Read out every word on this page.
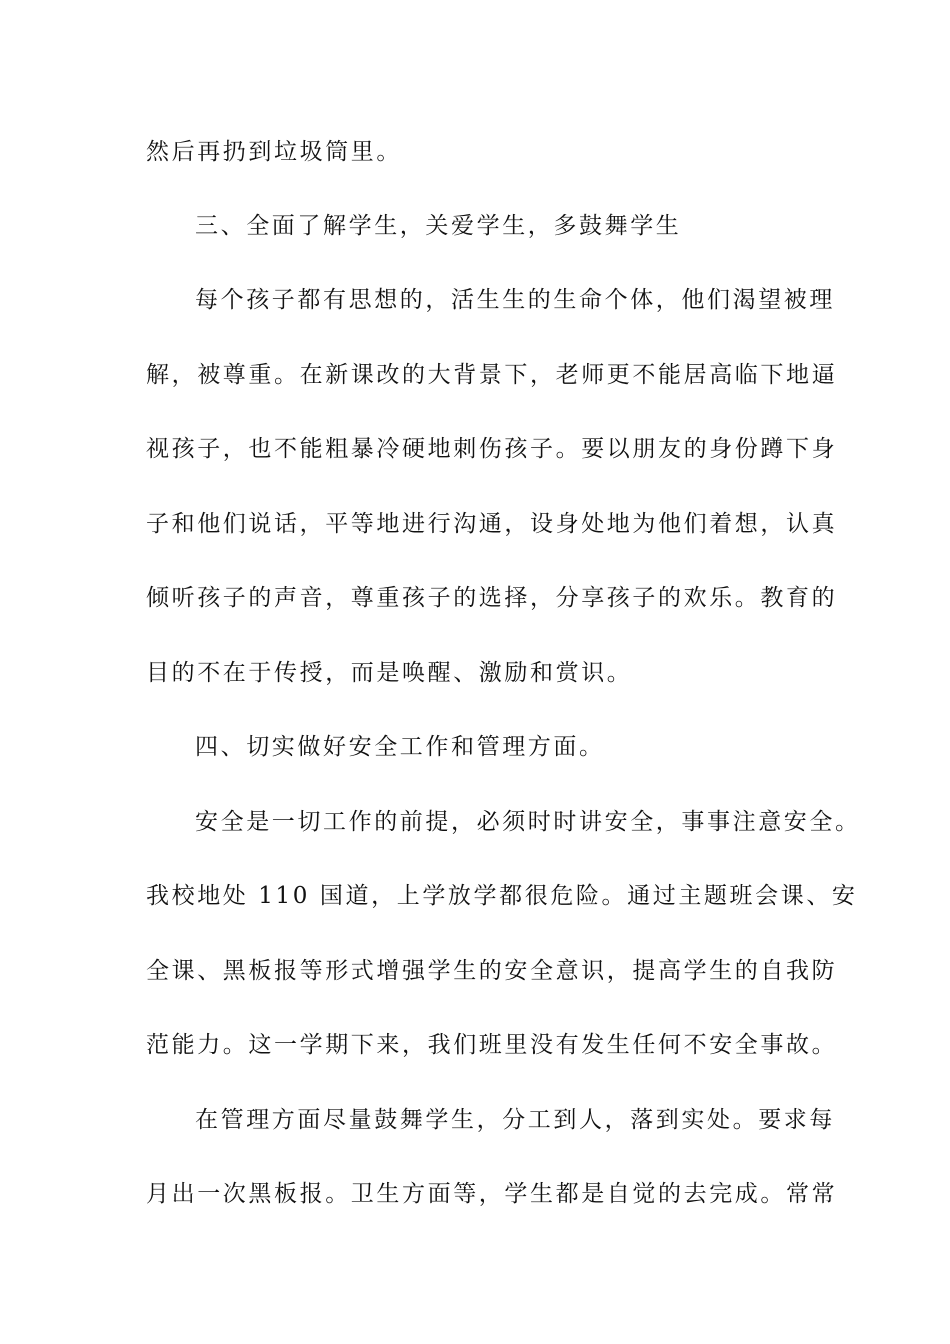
然后再扔到垃圾筒里。
三、全面了解学生，关爱学生，多鼓舞学生
每个孩子都有思想的，活生生的生命个体，他们渴望被理
解，被尊重。在新课改的大背景下，老师更不能居高临下地逼
视孩子，也不能粗暴冷硬地刺伤孩子。要以朋友的身份蹲下身
子和他们说话，平等地进行沟通，设身处地为他们着想，认真
倾听孩子的声音，尊重孩子的选择，分享孩子的欢乐。教育的
目的不在于传授，而是唤醒、激励和赏识。
四、切实做好安全工作和管理方面。
安全是一切工作的前提，必须时时讲安全，事事注意安全。
我校地处 110 国道，上学放学都很危险。通过主题班会课、安
全课、黑板报等形式增强学生的安全意识，提高学生的自我防
范能力。这一学期下来，我们班里没有发生任何不安全事故。
在管理方面尽量鼓舞学生，分工到人，落到实处。要求每
月出一次黑板报。卫生方面等，学生都是自觉的去完成。常常
